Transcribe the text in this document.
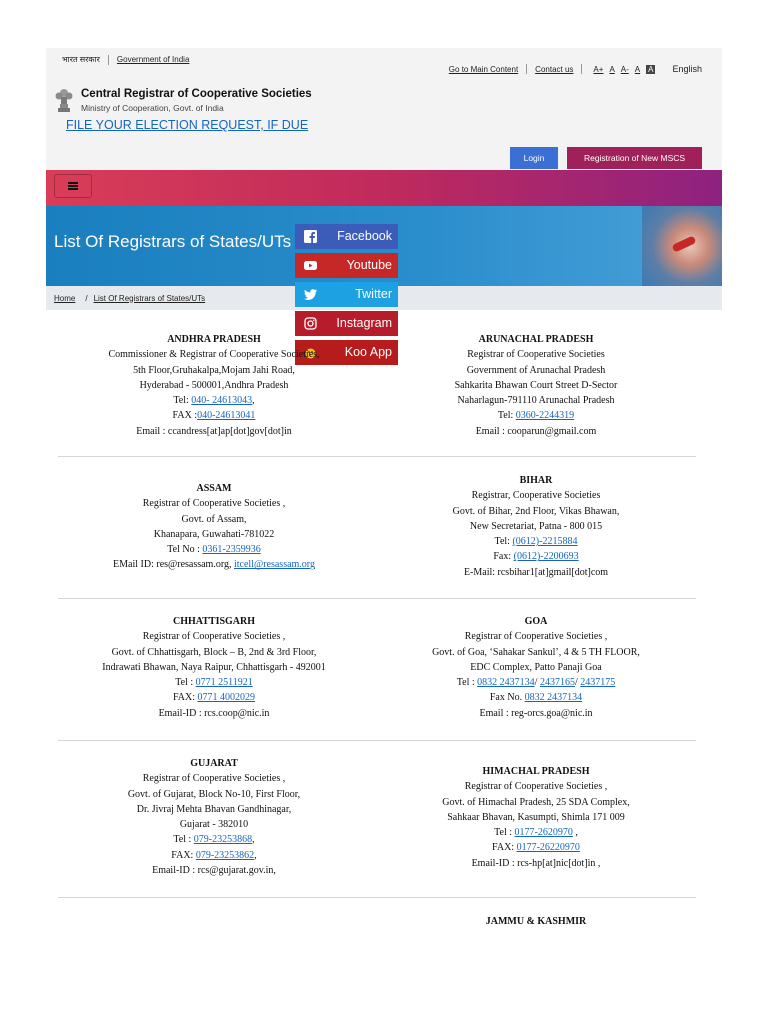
भारत सरकार Government of India
Go to Main Content Contact us	A+ A A- A A English
Central Registrar of Cooperative Societies
Ministry of Cooperation, Govt. of India
FILE YOUR ELECTION REQUEST, IF DUE
Login	Registration of New MSCS
List Of Registrars of States/UTs
Home / List Of Registrars of States/UTs
Facebook
Youtube
Twitter
Instagram
Koo App
ANDHRA PRADESH
Commissioner & Registrar of Cooperative Societies,
5th Floor,Gruhakalpa,Mojam Jahi Road,
Hyderabad - 500001,Andhra Pradesh
Tel: 040- 24613043,
FAX :040-24613041
Email : ccandress[at]ap[dot]gov[dot]in
ARUNACHAL PRADESH
Registrar of Cooperative Societies
Government of Arunachal Pradesh
Sahkarita Bhawan Court Street D-Sector
Naharlagun-791110 Arunachal Pradesh
Tel: 0360-2244319
Email : cooparun@gmail.com
ASSAM
Registrar of Cooperative Societies ,
Govt. of Assam,
Khanapara, Guwahati-781022
Tel No : 0361-2359936
EMail ID: res@resassam.org, itcell@resassam.org
BIHAR
Registrar, Cooperative Societies
Govt. of Bihar, 2nd Floor, Vikas Bhawan,
New Secretariat, Patna - 800 015
Tel: (0612)-2215884
Fax: (0612)-2200693
E-Mail: rcsbihar1[at]gmail[dot]com
CHHATTISGARH
Registrar of Cooperative Societies ,
Govt. of Chhattisgarh, Block – B, 2nd & 3rd Floor,
Indrawati Bhawan, Naya Raipur, Chhattisgarh - 492001
Tel : 0771 2511921
FAX: 0771 4002029
Email-ID : rcs.coop@nic.in
GOA
Registrar of Cooperative Societies ,
Govt. of Goa, ‘Sahakar Sankul’, 4 & 5 TH FLOOR,
EDC Complex, Patto Panaji Goa
Tel : 0832 2437134/ 2437165/ 2437175
Fax No. 0832 2437134
Email : reg-orcs.goa@nic.in
GUJARAT
Registrar of Cooperative Societies ,
Govt. of Gujarat, Block No-10, First Floor,
Dr. Jivraj Mehta Bhavan Gandhinagar,
Gujarat - 382010
Tel : 079-23253868,
FAX: 079-23253862,
Email-ID : rcs@gujarat.gov.in,
HIMACHAL PRADESH
Registrar of Cooperative Societies ,
Govt. of Himachal Pradesh, 25 SDA Complex,
Sahkaar Bhavan, Kasumpti, Shimla 171 009
Tel : 0177-2620970 ,
FAX: 0177-26220970
Email-ID : rcs-hp[at]nic[dot]in ,
JAMMU & KASHMIR
